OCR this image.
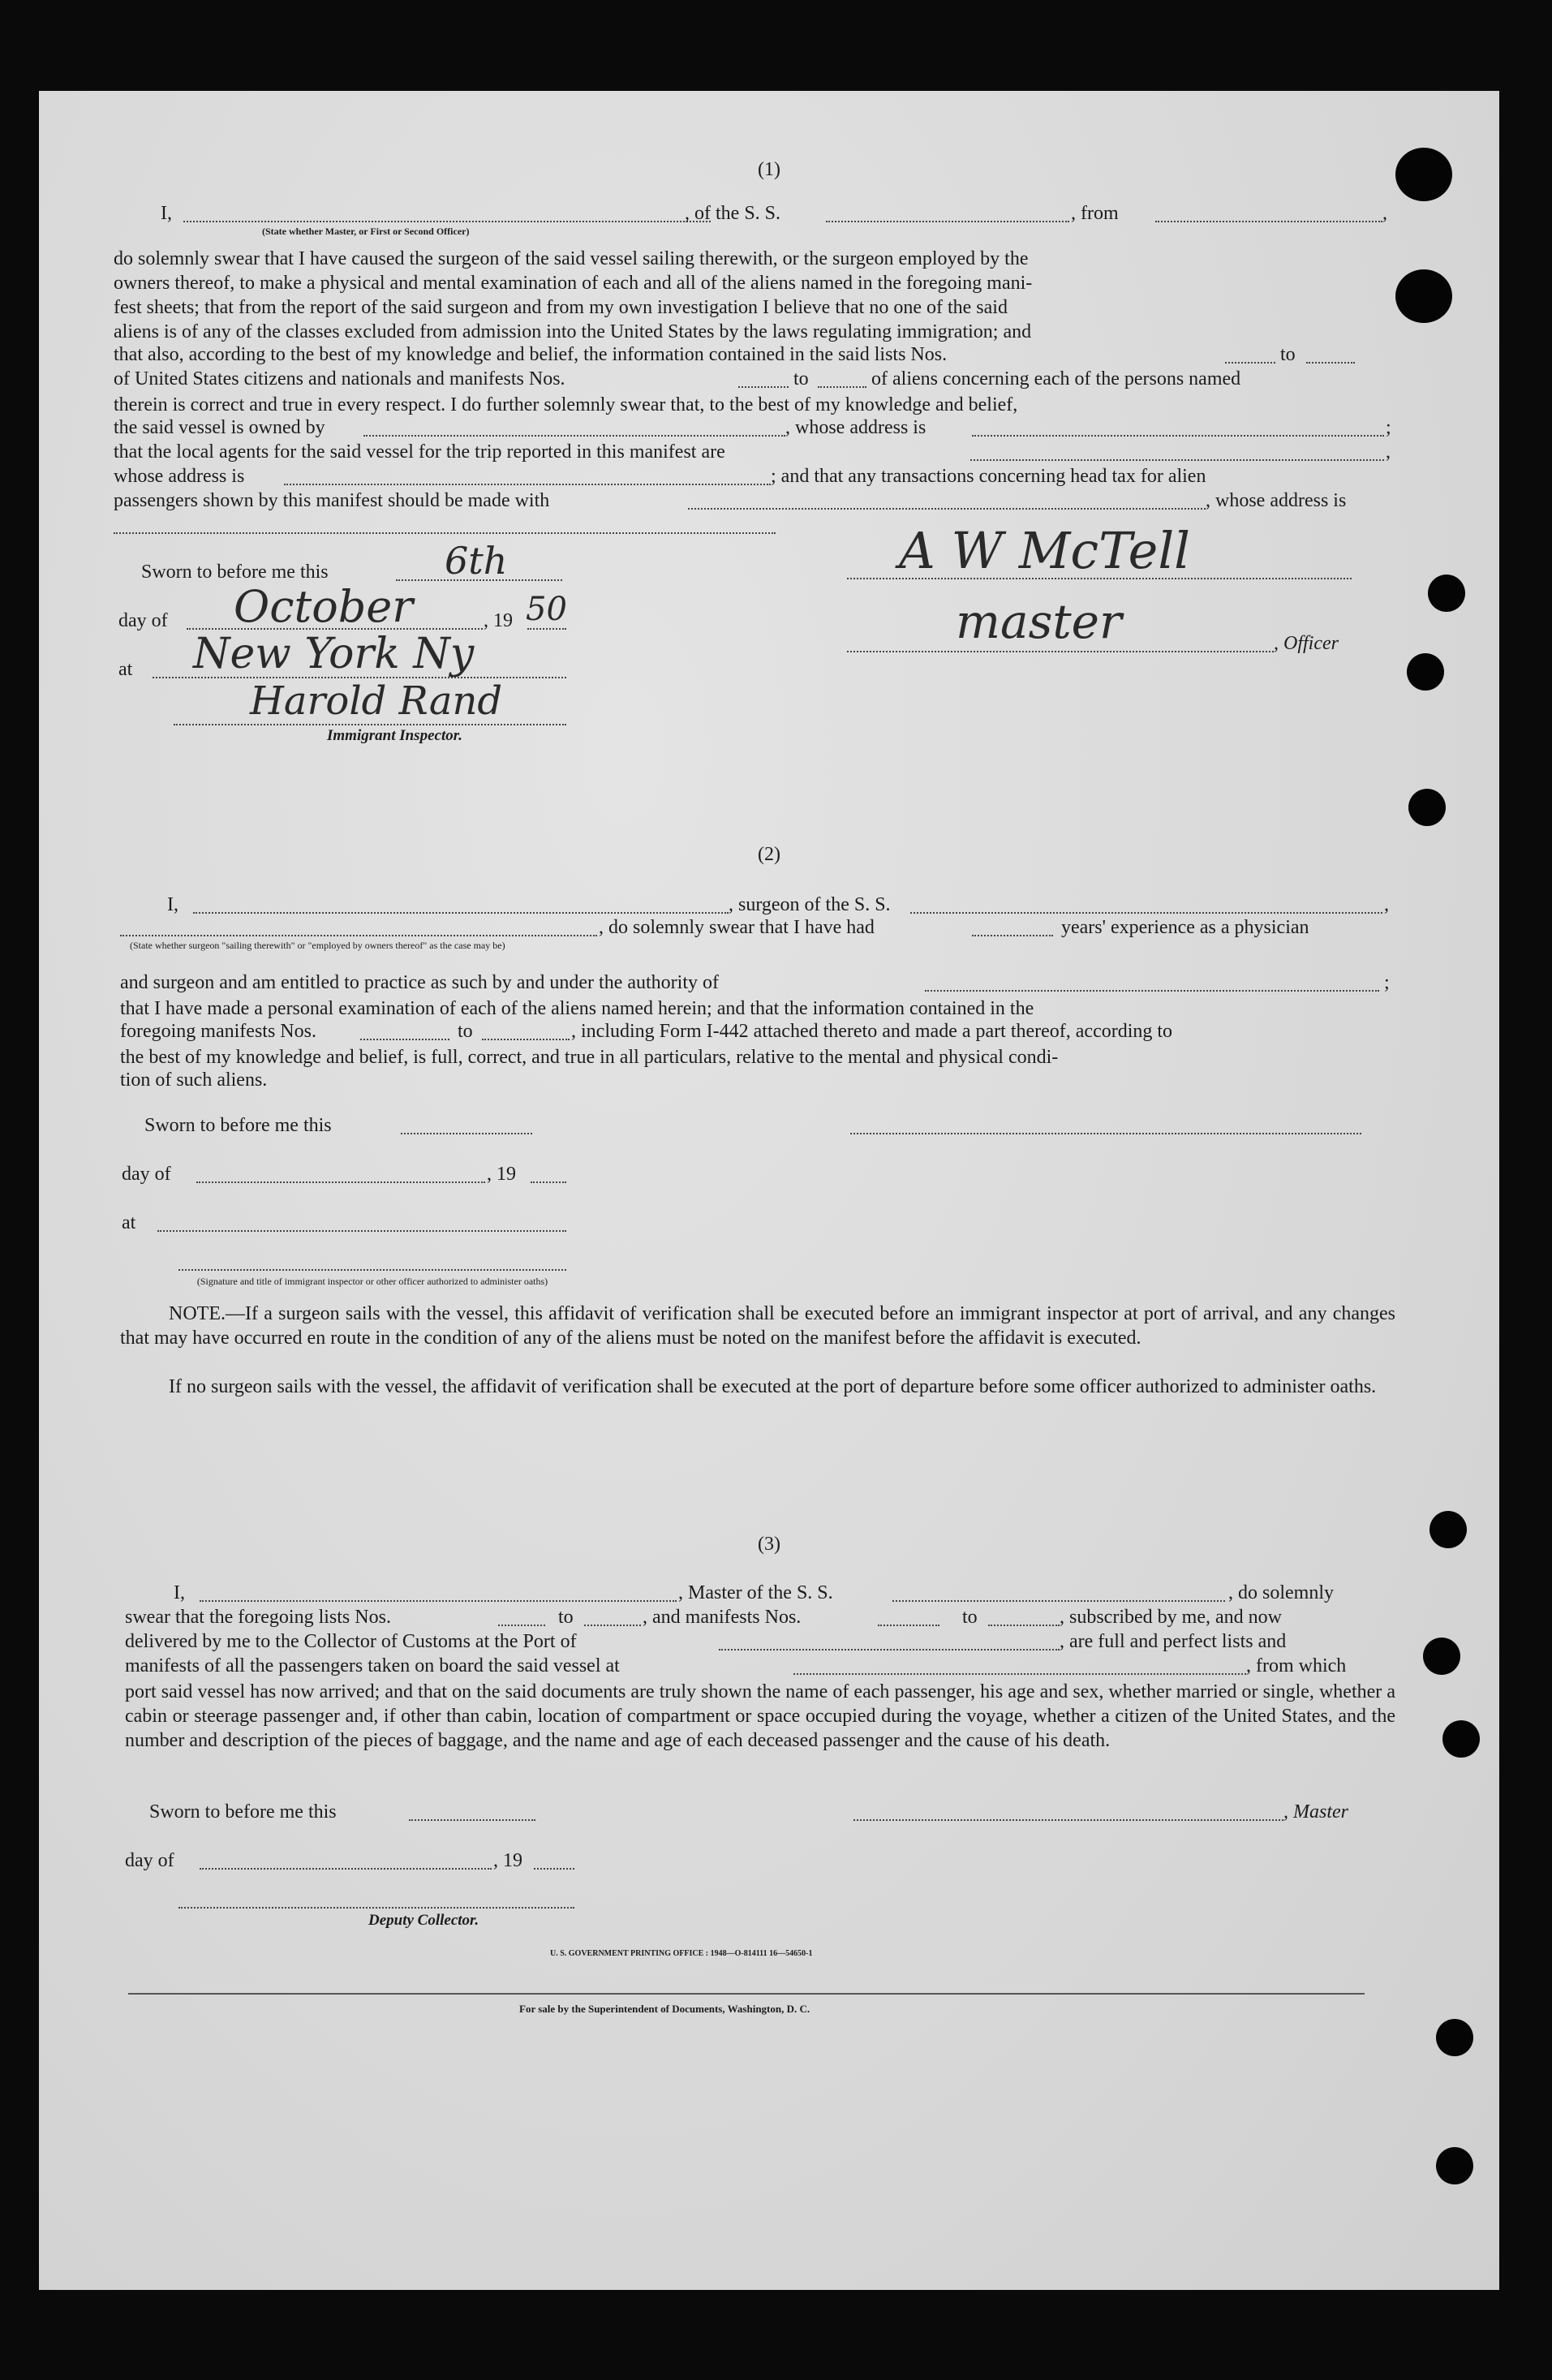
(1)
I,	, of the S. S.	, from	,
(State whether Master, or First or Second Officer)
do solemnly swear that I have caused the surgeon of the said vessel sailing therewith, or the surgeon employed by the
owners thereof, to make a physical and mental examination of each and all of the aliens named in the foregoing mani-
fest sheets; that from the report of the said surgeon and from my own investigation I believe that no one of the said
aliens is of any of the classes excluded from admission into the United States by the laws regulating immigration; and
that also, according to the best of my knowledge and belief, the information contained in the said lists Nos.	to
of United States citizens and nationals and manifests Nos.	to	of aliens concerning each of the persons named
therein is correct and true in every respect. I do further solemnly swear that, to the best of my knowledge and belief,
the said vessel is owned by	, whose address is	;
that the local agents for the said vessel for the trip reported in this manifest are	,
whose address is	; and that any transactions concerning head tax for alien
passengers shown by this manifest should be made with	, whose address is
Sworn to before me this	6th
day of October	, 19 50
at New York Ny
Harold Rand
Immigrant Inspector.
A W McTell
master	, Officer
(2)
I,	, surgeon of the S. S.	,
, do solemnly swear that I have had	years' experience as a physician
(State whether surgeon "sailing therewith" or "employed by owners thereof" as the case may be)
and surgeon and am entitled to practice as such by and under the authority of	;
that I have made a personal examination of each of the aliens named herein; and that the information contained in the
foregoing manifests Nos.	to	, including Form I-442 attached thereto and made a part thereof, according to
the best of my knowledge and belief, is full, correct, and true in all particulars, relative to the mental and physical condi-
tion of such aliens.
Sworn to before me this
day of	, 19
at
(Signature and title of immigrant inspector or other officer authorized to administer oaths)
NOTE.—If a surgeon sails with the vessel, this affidavit of verification shall be executed before an immigrant inspector at port of arrival, and any changes that may have occurred en route in the condition of any of the aliens must be noted on the manifest before the affidavit is executed.
If no surgeon sails with the vessel, the affidavit of verification shall be executed at the port of departure before some officer authorized to administer oaths.
(3)
I,	, Master of the S. S.	, do solemnly
swear that the foregoing lists Nos.	to	, and manifests Nos.	to	, subscribed by me, and now
delivered by me to the Collector of Customs at the Port of	, are full and perfect lists and
manifests of all the passengers taken on board the said vessel at	, from which
port said vessel has now arrived; and that on the said documents are truly shown the name of each passenger, his age and sex, whether married or single, whether a cabin or steerage passenger and, if other than cabin, location of compartment or space occupied during the voyage, whether a citizen of the United States, and the number and description of the pieces of baggage, and the name and age of each deceased passenger and the cause of his death.
Sworn to before me this	, Master
day of	, 19
Deputy Collector.
U. S. GOVERNMENT PRINTING OFFICE : 1948—O-814111 16—54650-1
For sale by the Superintendent of Documents, Washington, D. C.
